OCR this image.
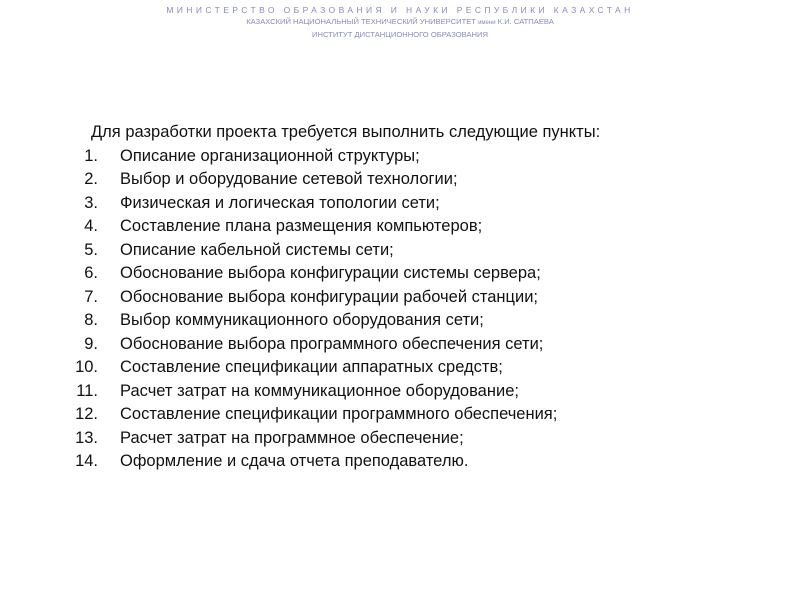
МИНИСТЕРСТВО ОБРАЗОВАНИЯ И НАУКИ РЕСПУБЛИКИ КАЗАХСТАН
КАЗАХСКИЙ НАЦИОНАЛЬНЫЙ ТЕХНИЧЕСКИЙ УНИВЕРСИТЕТ имени К.И. САТПАЕВА
ИНСТИТУТ ДИСТАНЦИОННОГО ОБРАЗОВАНИЯ
Для разработки проекта требуется выполнить следующие пункты:
1.	Описание организационной структуры;
2.	Выбор и оборудование сетевой технологии;
3.	Физическая и логическая топологии сети;
4.	Составление плана размещения компьютеров;
5.	Описание кабельной системы сети;
6.	Обоснование выбора конфигурации системы сервера;
7.	Обоснование выбора конфигурации рабочей станции;
8.	Выбор коммуникационного оборудования сети;
9.	Обоснование выбора программного обеспечения сети;
10.	Составление спецификации аппаратных средств;
11.	Расчет затрат на коммуникационное оборудование;
12.	Составление спецификации программного обеспечения;
13.	Расчет затрат на программное обеспечение;
14.	Оформление и сдача отчета преподавателю.
